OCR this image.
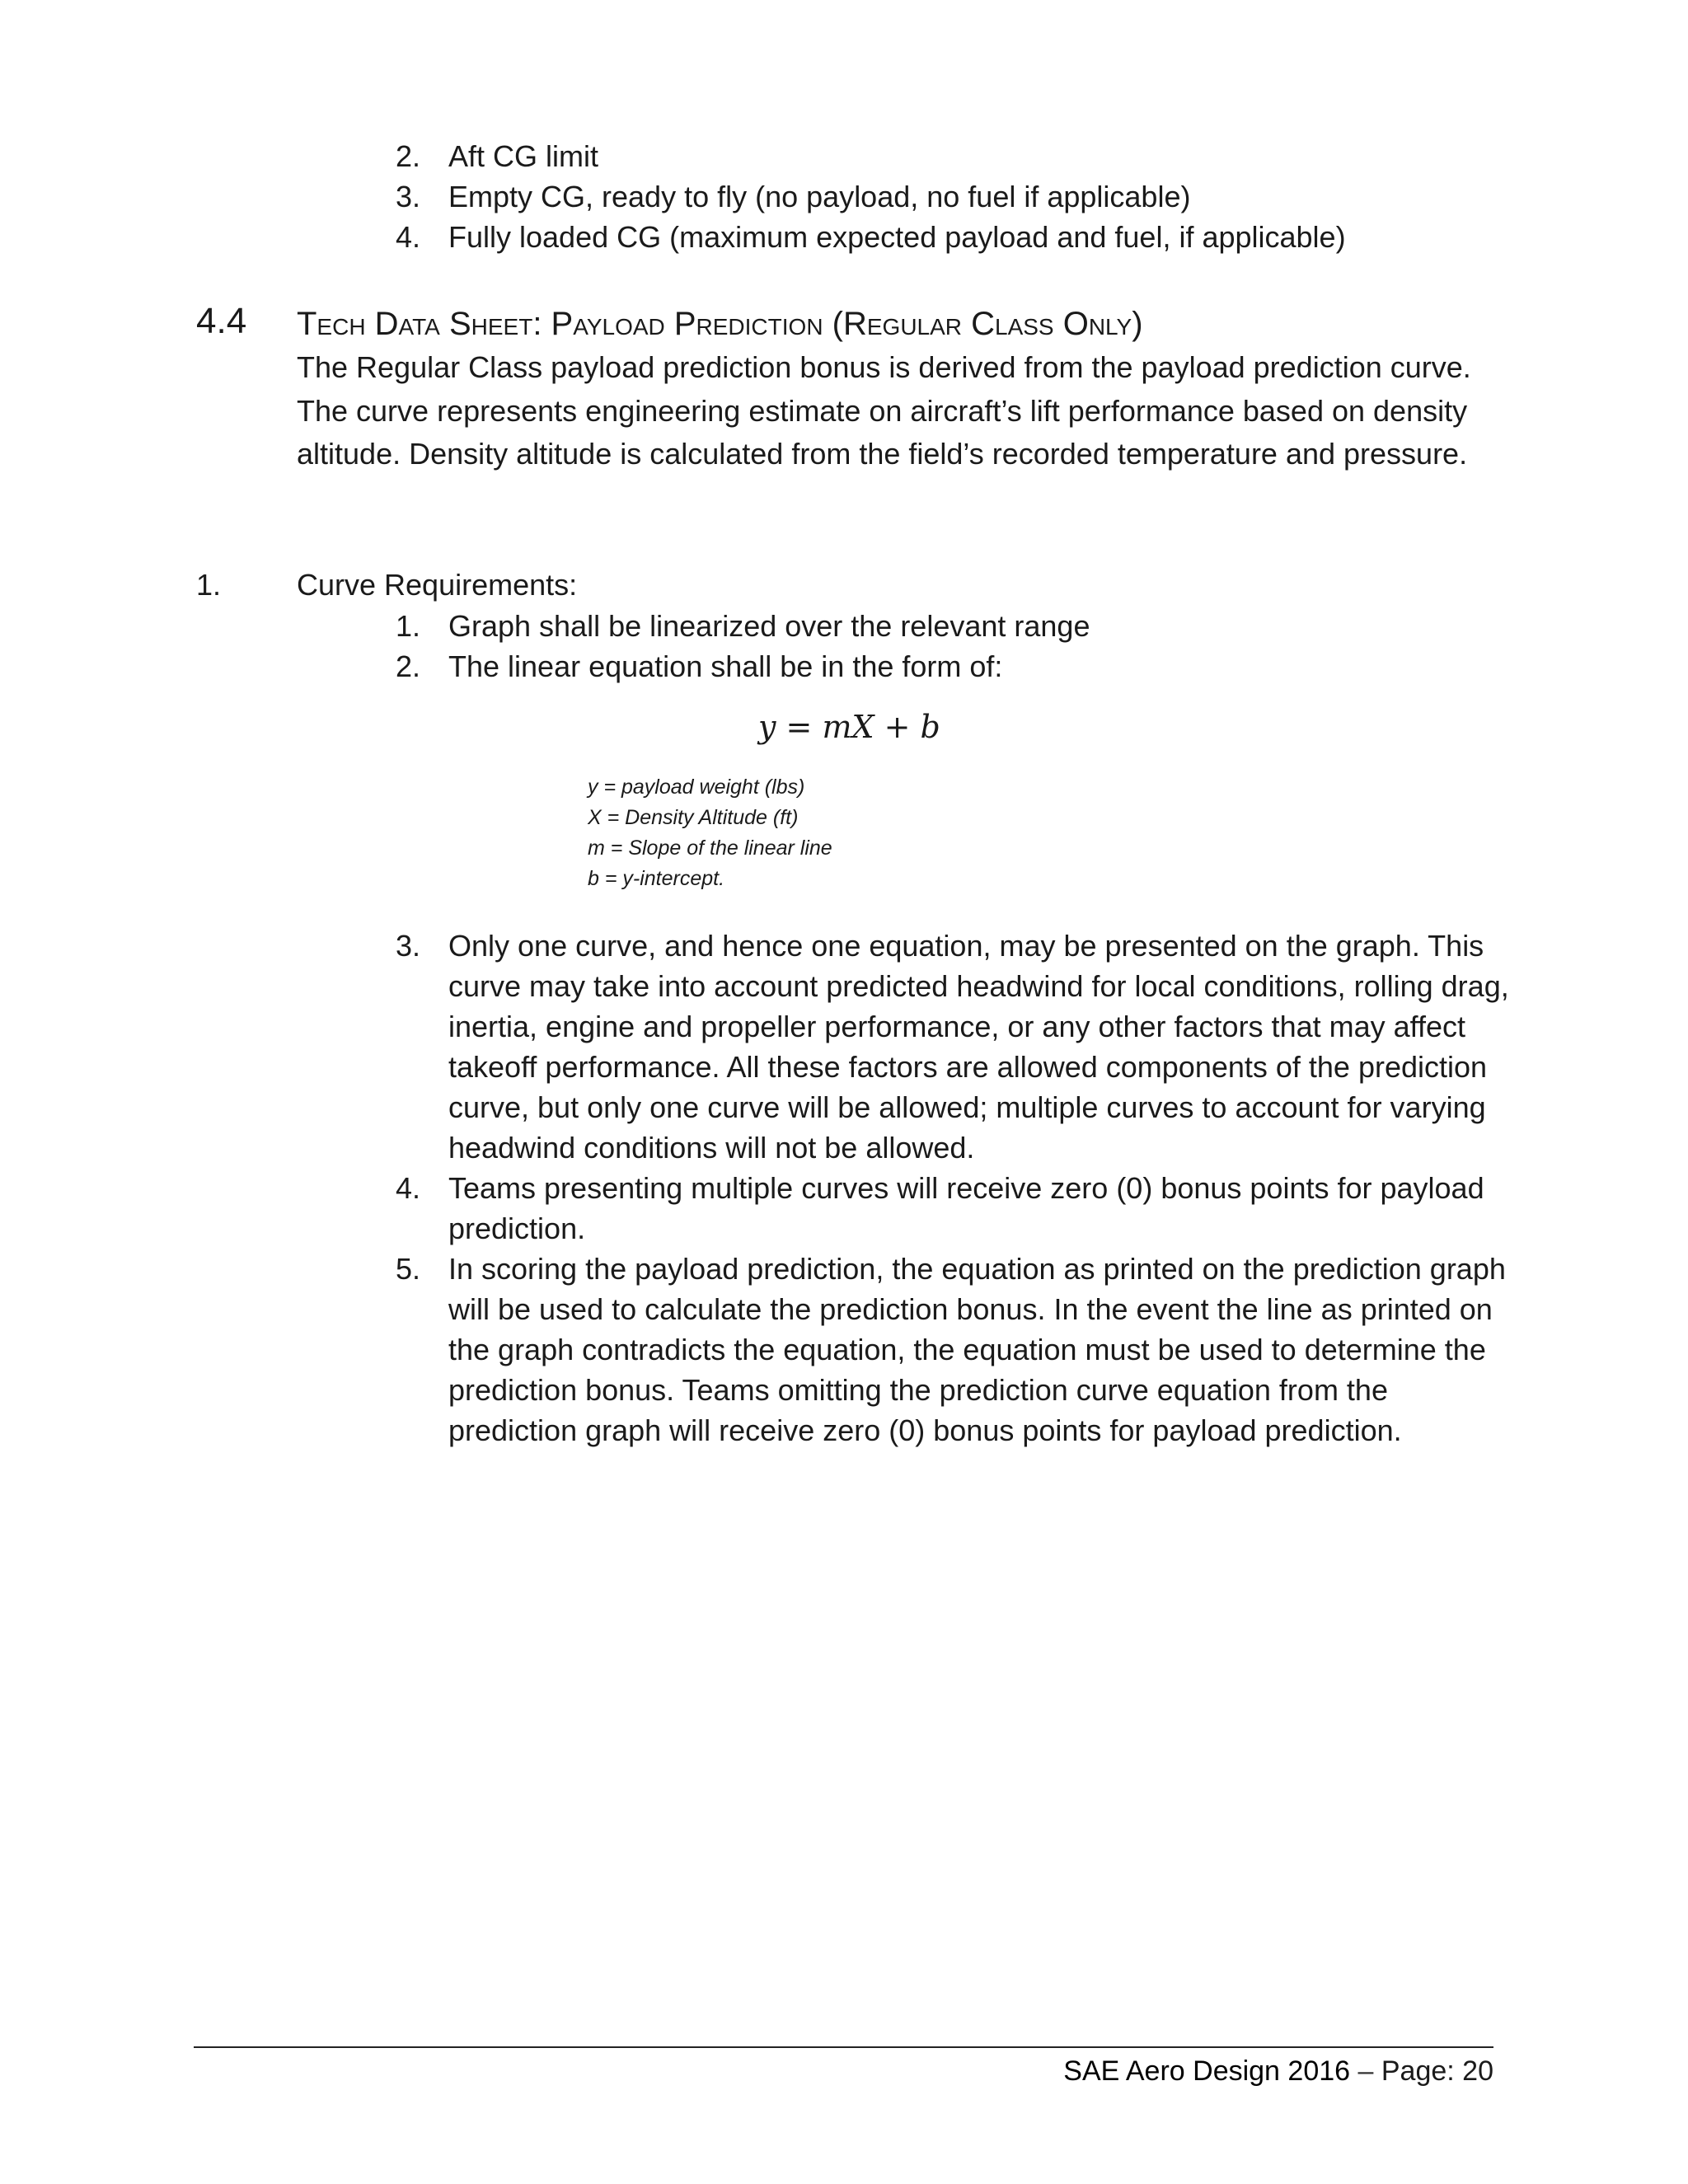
2. Aft CG limit
3. Empty CG, ready to fly (no payload, no fuel if applicable)
4. Fully loaded CG (maximum expected payload and fuel, if applicable)
4.4 Tech Data Sheet: Payload Prediction (Regular Class Only)
The Regular Class payload prediction bonus is derived from the payload prediction curve. The curve represents engineering estimate on aircraft’s lift performance based on density altitude. Density altitude is calculated from the field’s recorded temperature and pressure.
1.	Curve Requirements:
1. Graph shall be linearized over the relevant range
2. The linear equation shall be in the form of:
y = mX + b
y = payload weight (lbs)
X = Density Altitude (ft)
m = Slope of the linear line
b = y-intercept.
3. Only one curve, and hence one equation, may be presented on the graph. This curve may take into account predicted headwind for local conditions, rolling drag, inertia, engine and propeller performance, or any other factors that may affect takeoff performance. All these factors are allowed components of the prediction curve, but only one curve will be allowed; multiple curves to account for varying headwind conditions will not be allowed.
4. Teams presenting multiple curves will receive zero (0) bonus points for payload prediction.
5. In scoring the payload prediction, the equation as printed on the prediction graph will be used to calculate the prediction bonus. In the event the line as printed on the graph contradicts the equation, the equation must be used to determine the prediction bonus. Teams omitting the prediction curve equation from the prediction graph will receive zero (0) bonus points for payload prediction.
SAE Aero Design 2016 – Page: 20
